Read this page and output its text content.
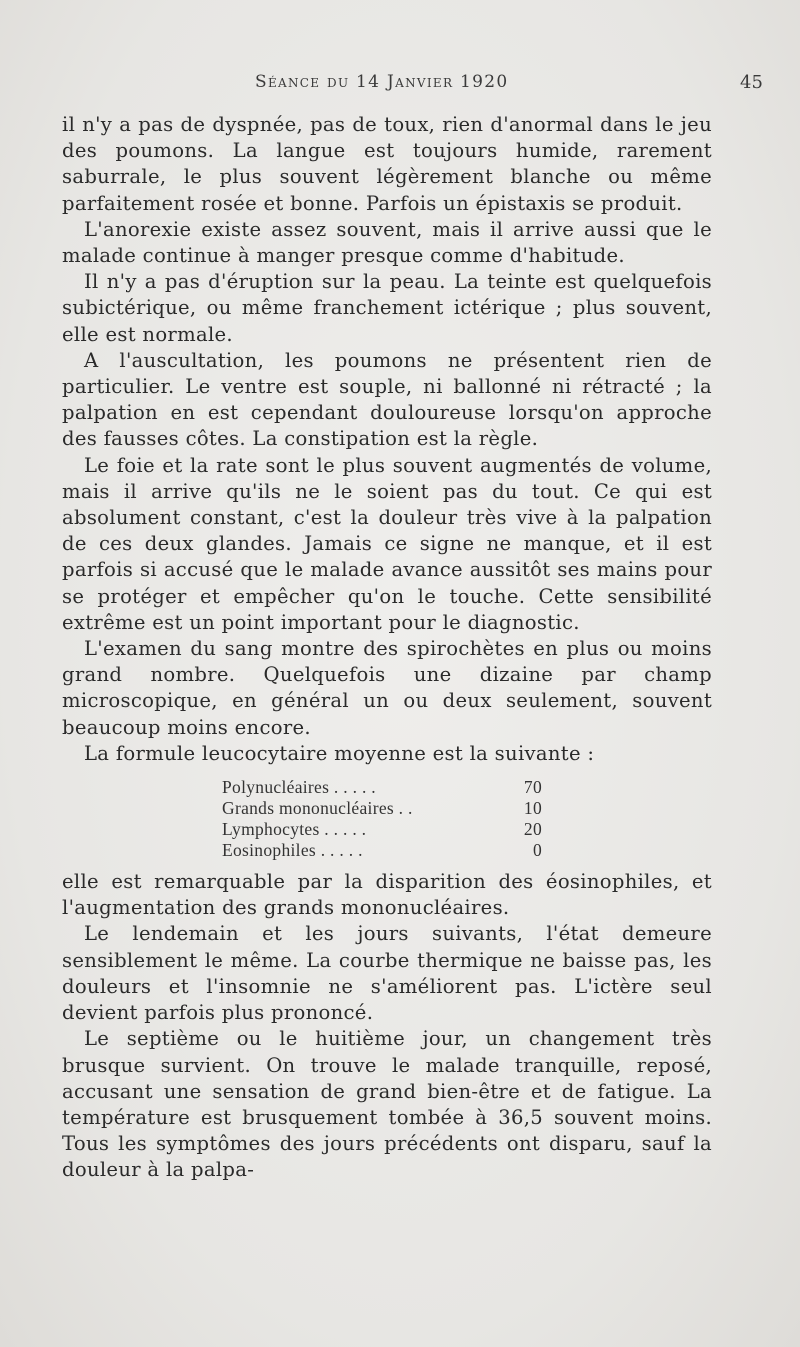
Séance du 14 Janvier 1920	45

il n'y a pas de dyspnée, pas de toux, rien d'anormal dans le jeu des poumons. La langue est toujours humide, rarement saburrale, le plus souvent légèrement blanche ou même parfaitement rosée et bonne. Parfois un épistaxis se produit.

L'anorexie existe assez souvent, mais il arrive aussi que le malade continue à manger presque comme d'habitude.

Il n'y a pas d'éruption sur la peau. La teinte est quelquefois subictérique, ou même franchement ictérique ; plus souvent, elle est normale.

A l'auscultation, les poumons ne présentent rien de particulier. Le ventre est souple, ni ballonné ni rétracté ; la palpation en est cependant douloureuse lorsqu'on approche des fausses côtes. La constipation est la règle.

Le foie et la rate sont le plus souvent augmentés de volume, mais il arrive qu'ils ne le soient pas du tout. Ce qui est absolument constant, c'est la douleur très vive à la palpation de ces deux glandes. Jamais ce signe ne manque, et il est parfois si accusé que le malade avance aussitôt ses mains pour se protéger et empêcher qu'on le touche. Cette sensibilité extrême est un point important pour le diagnostic.

L'examen du sang montre des spirochètes en plus ou moins grand nombre. Quelquefois une dizaine par champ microscopique, en général un ou deux seulement, souvent beaucoup moins encore.

La formule leucocytaire moyenne est la suivante :

Polynucléaires . . . . .	70
Grands mononucléaires . .	10
Lymphocytes . . . . .	20
Eosinophiles . . . . .	0

elle est remarquable par la disparition des éosinophiles, et l'augmentation des grands mononucléaires.

Le lendemain et les jours suivants, l'état demeure sensiblement le même. La courbe thermique ne baisse pas, les douleurs et l'insomnie ne s'améliorent pas. L'ictère seul devient parfois plus prononcé.

Le septième ou le huitième jour, un changement très brusque survient. On trouve le malade tranquille, reposé, accusant une sensation de grand bien-être et de fatigue. La température est brusquement tombée à 36,5 souvent moins. Tous les symptômes des jours précédents ont disparu, sauf la douleur à la palpa-
